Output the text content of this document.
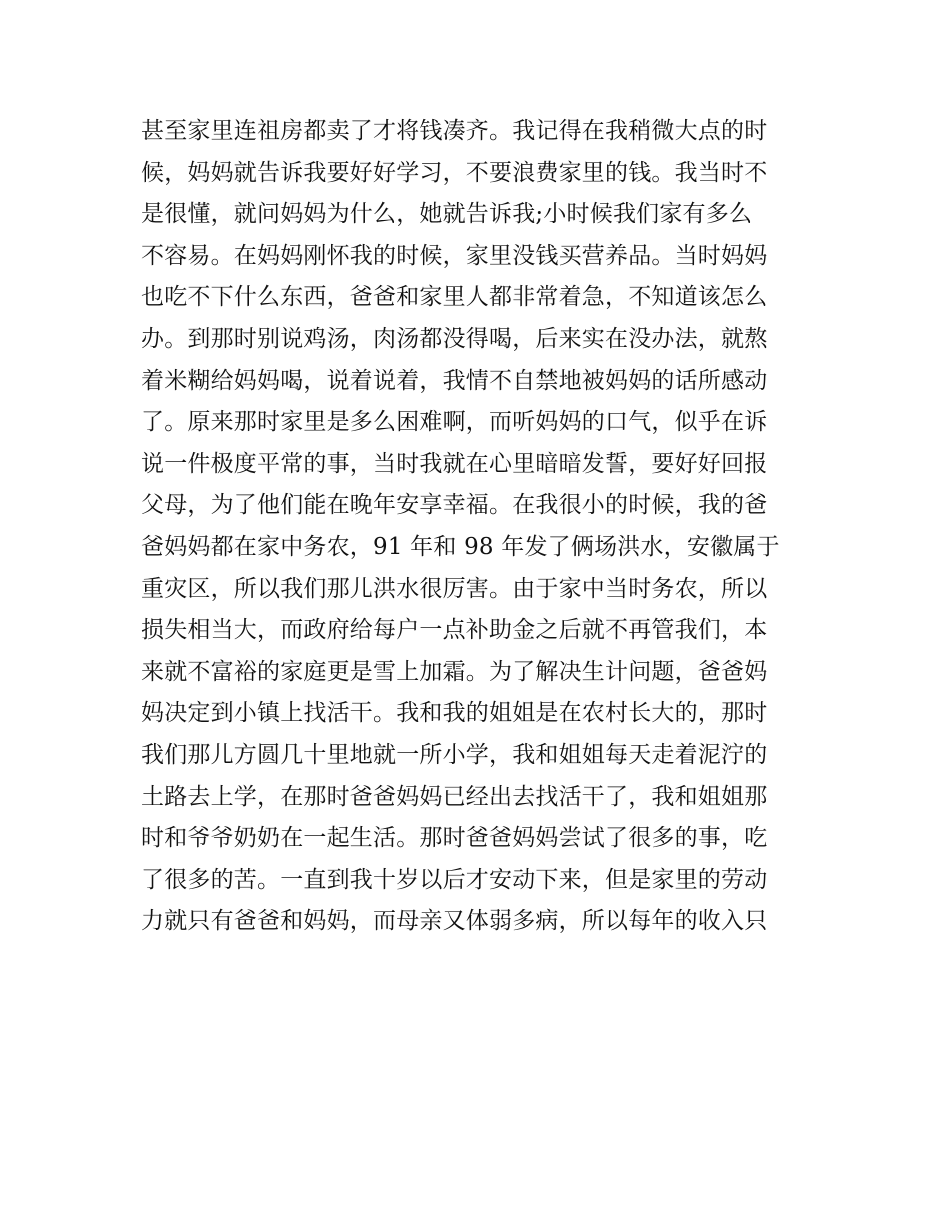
甚至家里连祖房都卖了才将钱凑齐。我记得在我稍微大点的时
候，妈妈就告诉我要好好学习，不要浪费家里的钱。我当时不
是很懂，就问妈妈为什么，她就告诉我;小时候我们家有多么
不容易。在妈妈刚怀我的时候，家里没钱买营养品。当时妈妈
也吃不下什么东西，爸爸和家里人都非常着急，不知道该怎么
办。到那时别说鸡汤，肉汤都没得喝，后来实在没办法，就熬
着米糊给妈妈喝，说着说着，我情不自禁地被妈妈的话所感动
了。原来那时家里是多么困难啊，而听妈妈的口气，似乎在诉
说一件极度平常的事，当时我就在心里暗暗发誓，要好好回报
父母，为了他们能在晚年安享幸福。在我很小的时候，我的爸
爸妈妈都在家中务农，91 年和 98 年发了俩场洪水，安徽属于
重灾区，所以我们那儿洪水很厉害。由于家中当时务农，所以
损失相当大，而政府给每户一点补助金之后就不再管我们，本
来就不富裕的家庭更是雪上加霜。为了解决生计问题，爸爸妈
妈决定到小镇上找活干。我和我的姐姐是在农村长大的，那时
我们那儿方圆几十里地就一所小学，我和姐姐每天走着泥泞的
土路去上学，在那时爸爸妈妈已经出去找活干了，我和姐姐那
时和爷爷奶奶在一起生活。那时爸爸妈妈尝试了很多的事，吃
了很多的苦。一直到我十岁以后才安动下来，但是家里的劳动
力就只有爸爸和妈妈，而母亲又体弱多病，所以每年的收入只
